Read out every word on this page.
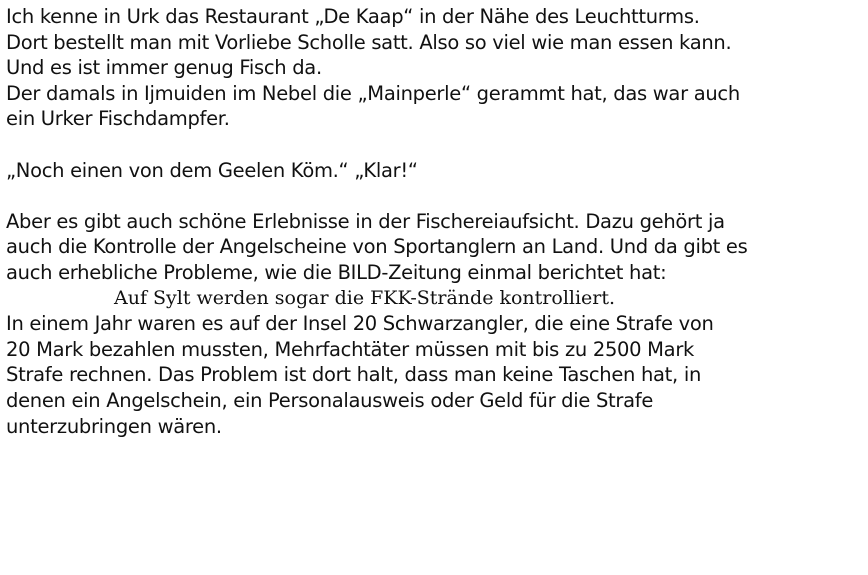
Ich kenne in Urk das Restaurant „De Kaap“ in der Nähe des Leuchtturms.
Dort bestellt man mit Vorliebe Scholle satt. Also so viel wie man essen kann.
Und es ist immer genug Fisch da.
Der damals in Ijmuiden im Nebel die „Mainperle“ gerammt hat, das war auch
ein Urker Fischdampfer.
„Noch einen von dem Geelen Köm.“ „Klar!“
Aber es gibt auch schöne Erlebnisse in der Fischereiaufsicht. Dazu gehört ja
auch die Kontrolle der Angelscheine von Sportanglern an Land. Und da gibt es
auch erhebliche Probleme, wie die BILD-Zeitung einmal berichtet hat:
Auf Sylt werden sogar die FKK-Strände kontrolliert.
In einem Jahr waren es auf der Insel 20 Schwarzangler, die eine Strafe von
20 Mark bezahlen mussten, Mehrfachtäter müssen mit bis zu 2500 Mark
Strafe rechnen. Das Problem ist dort halt, dass man keine Taschen hat, in
denen ein Angelschein, ein Personalausweis oder Geld für die Strafe
unterzubringen wären.
